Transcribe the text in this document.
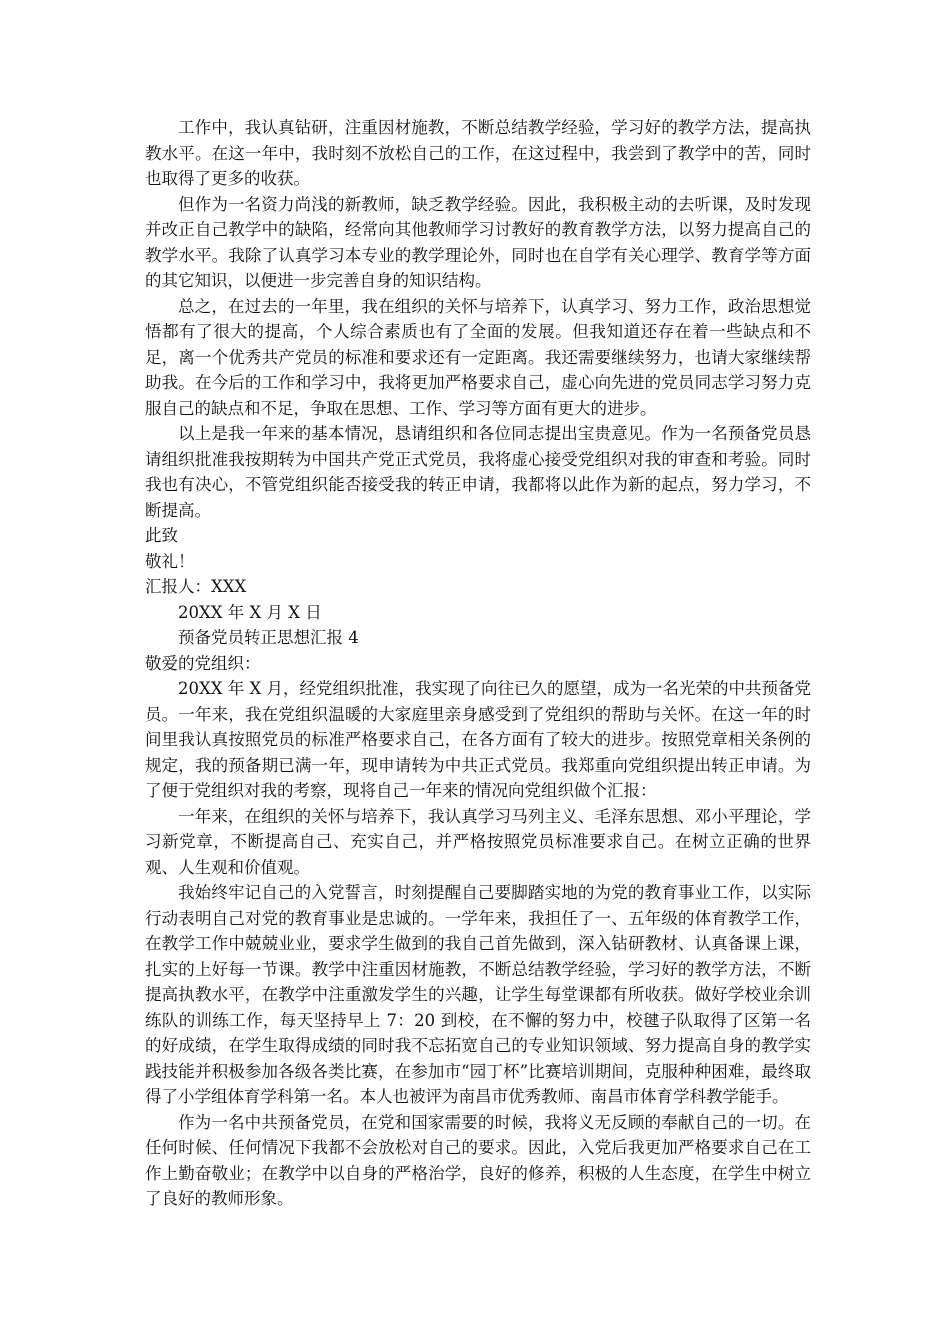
工作中，我认真钻研，注重因材施教，不断总结教学经验，学习好的教学方法，提高执教水平。在这一年中，我时刻不放松自己的工作，在这过程中，我尝到了教学中的苦，同时也取得了更多的收获。

但作为一名资力尚浅的新教师，缺乏教学经验。因此，我积极主动的去听课，及时发现并改正自己教学中的缺陷，经常向其他教师学习讨教好的教育教学方法，以努力提高自己的教学水平。我除了认真学习本专业的教学理论外，同时也在自学有关心理学、教育学等方面的其它知识，以便进一步完善自身的知识结构。

总之，在过去的一年里，我在组织的关怀与培养下，认真学习、努力工作，政治思想觉悟都有了很大的提高，个人综合素质也有了全面的发展。但我知道还存在着一些缺点和不足，离一个优秀共产党员的标准和要求还有一定距离。我还需要继续努力，也请大家继续帮助我。在今后的工作和学习中，我将更加严格要求自己，虚心向先进的党员同志学习努力克服自己的缺点和不足，争取在思想、工作、学习等方面有更大的进步。

以上是我一年来的基本情况，恳请组织和各位同志提出宝贵意见。作为一名预备党员恳请组织批准我按期转为中国共产党正式党员，我将虚心接受党组织对我的审查和考验。同时我也有决心，不管党组织能否接受我的转正申请，我都将以此作为新的起点，努力学习，不断提高。

此致

敬礼！

汇报人：XXX

20XX 年 X 月 X 日

预备党员转正思想汇报 4

敬爱的党组织：

20XX 年 X 月，经党组织批准，我实现了向往已久的愿望，成为一名光荣的中共预备党员。一年来，我在党组织温暖的大家庭里亲身感受到了党组织的帮助与关怀。在这一年的时间里我认真按照党员的标准严格要求自己，在各方面有了较大的进步。按照党章相关条例的规定，我的预备期已满一年，现申请转为中共正式党员。我郑重向党组织提出转正申请。为了便于党组织对我的考察，现将自己一年来的情况向党组织做个汇报：

一年来，在组织的关怀与培养下，我认真学习马列主义、毛泽东思想、邓小平理论，学习新党章，不断提高自己、充实自己，并严格按照党员标准要求自己。在树立正确的世界观、人生观和价值观。

我始终牢记自己的入党誓言，时刻提醒自己要脚踏实地的为党的教育事业工作，以实际行动表明自己对党的教育事业是忠诚的。一学年来，我担任了一、五年级的体育教学工作，在教学工作中兢兢业业，要求学生做到的我自己首先做到，深入钻研教材、认真备课上课，扎实的上好每一节课。教学中注重因材施教，不断总结教学经验，学习好的教学方法，不断提高执教水平，在教学中注重激发学生的兴趣，让学生每堂课都有所收获。做好学校业余训练队的训练工作，每天坚持早上 7：20 到校，在不懈的努力中，校毽子队取得了区第一名的好成绩，在学生取得成绩的同时我不忘拓宽自己的专业知识领域、努力提高自身的教学实践技能并积极参加各级各类比赛，在参加市“园丁杯”比赛培训期间，克服种种困难，最终取得了小学组体育学科第一名。本人也被评为南昌市优秀教师、南昌市体育学科教学能手。

作为一名中共预备党员，在党和国家需要的时候，我将义无反顾的奉献自己的一切。在任何时候、任何情况下我都不会放松对自己的要求。因此，入党后我更加严格要求自己在工作上勤奋敬业；在教学中以自身的严格治学，良好的修养，积极的人生态度，在学生中树立了良好的教师形象。
